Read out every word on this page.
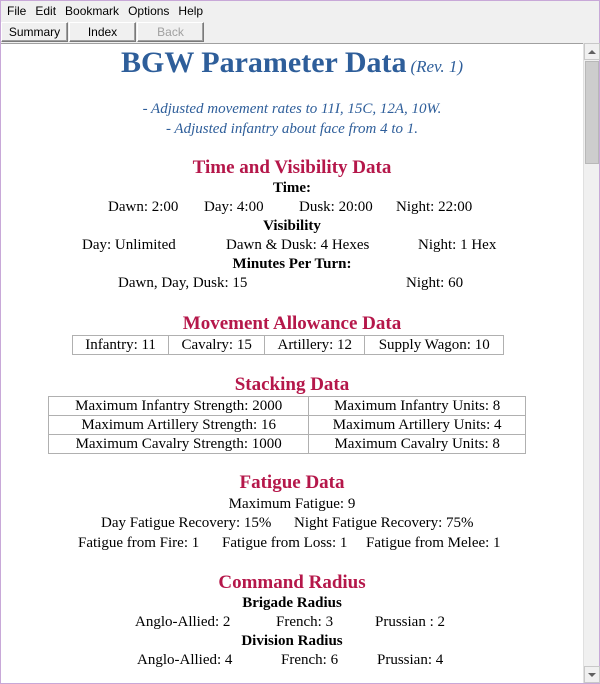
File Edit Bookmark Options Help
Summary	Index	Back
BGW Parameter Data (Rev. 1)
- Adjusted movement rates to 11I, 15C, 12A, 10W.
- Adjusted infantry about face from 4 to 1.
Time and Visibility Data
Time:
Dawn: 2:00 Day: 4:00 Dusk: 20:00 Night: 22:00
Visibility
Day: Unlimited	Dawn & Dusk: 4 Hexes	Night: 1 Hex
Minutes Per Turn:
Dawn, Day, Dusk: 15	Night: 60
Movement Allowance Data
Infantry: 11	Cavalry: 15	Artillery: 12	Supply Wagon: 10
Stacking Data
Maximum Infantry Strength: 2000	Maximum Infantry Units: 8
Maximum Artillery Strength: 16	Maximum Artillery Units: 4
Maximum Cavalry Strength: 1000	Maximum Cavalry Units: 8
Fatigue Data
Maximum Fatigue: 9
Day Fatigue Recovery: 15% Night Fatigue Recovery: 75%
Fatigue from Fire: 1 Fatigue from Loss: 1 Fatigue from Melee: 1
Command Radius
Brigade Radius
Anglo-Allied: 2	French: 3	Prussian : 2
Division Radius
Anglo-Allied: 4	French: 6	Prussian: 4
